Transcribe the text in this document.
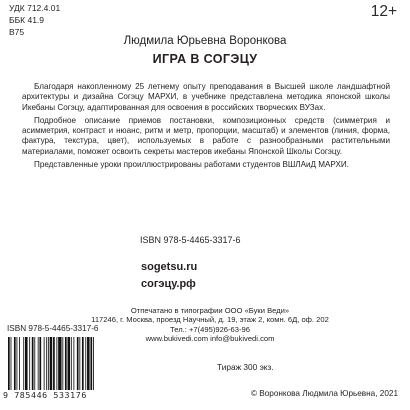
УДК 712.4.01
ББК 41.9
В75
12+
Людмила Юрьевна Воронкова
ИГРА В СОГЭЦУ

Благодаря накопленному 25 летнему опыту преподавания в Высшей школе ландшафтной архитектуры и дизайна Согэцу МАРХИ, в учебнике представлена методика японской школы Икебаны Согэцу, адаптированная для освоения в российских творческих ВУЗах.

Подробное описание приемов постановки, композиционных средств (симметрия и асимметрия, контраст и нюанс, ритм и метр, пропорции, масштаб) и элементов (линия, форма, фактура, текстура, цвет), используемых в работе с разнообразными растительными материалами, поможет освоить секреты мастеров икебаны Японской Школы Согэцу.

Представленные уроки проиллюстрированы работами студентов ВШЛАиД МАРХИ.

ISBN 978-5-4465-3317-6
sogetsu.ru
согэцу.рф
Отпечатано в типографии ООО «Буки Веди»
117246, г. Москва, проезд Научный, д. 19, этаж 2, комн. 6Д, оф. 202
Тел.: +7(495)926-63-96
www.bukivedi.com info@bukivedi.com
ISBN 978-5-4465-3317-6
9 785446 533176
Тираж 300 экз.
© Воронкова Людмила Юрьевна, 2021
